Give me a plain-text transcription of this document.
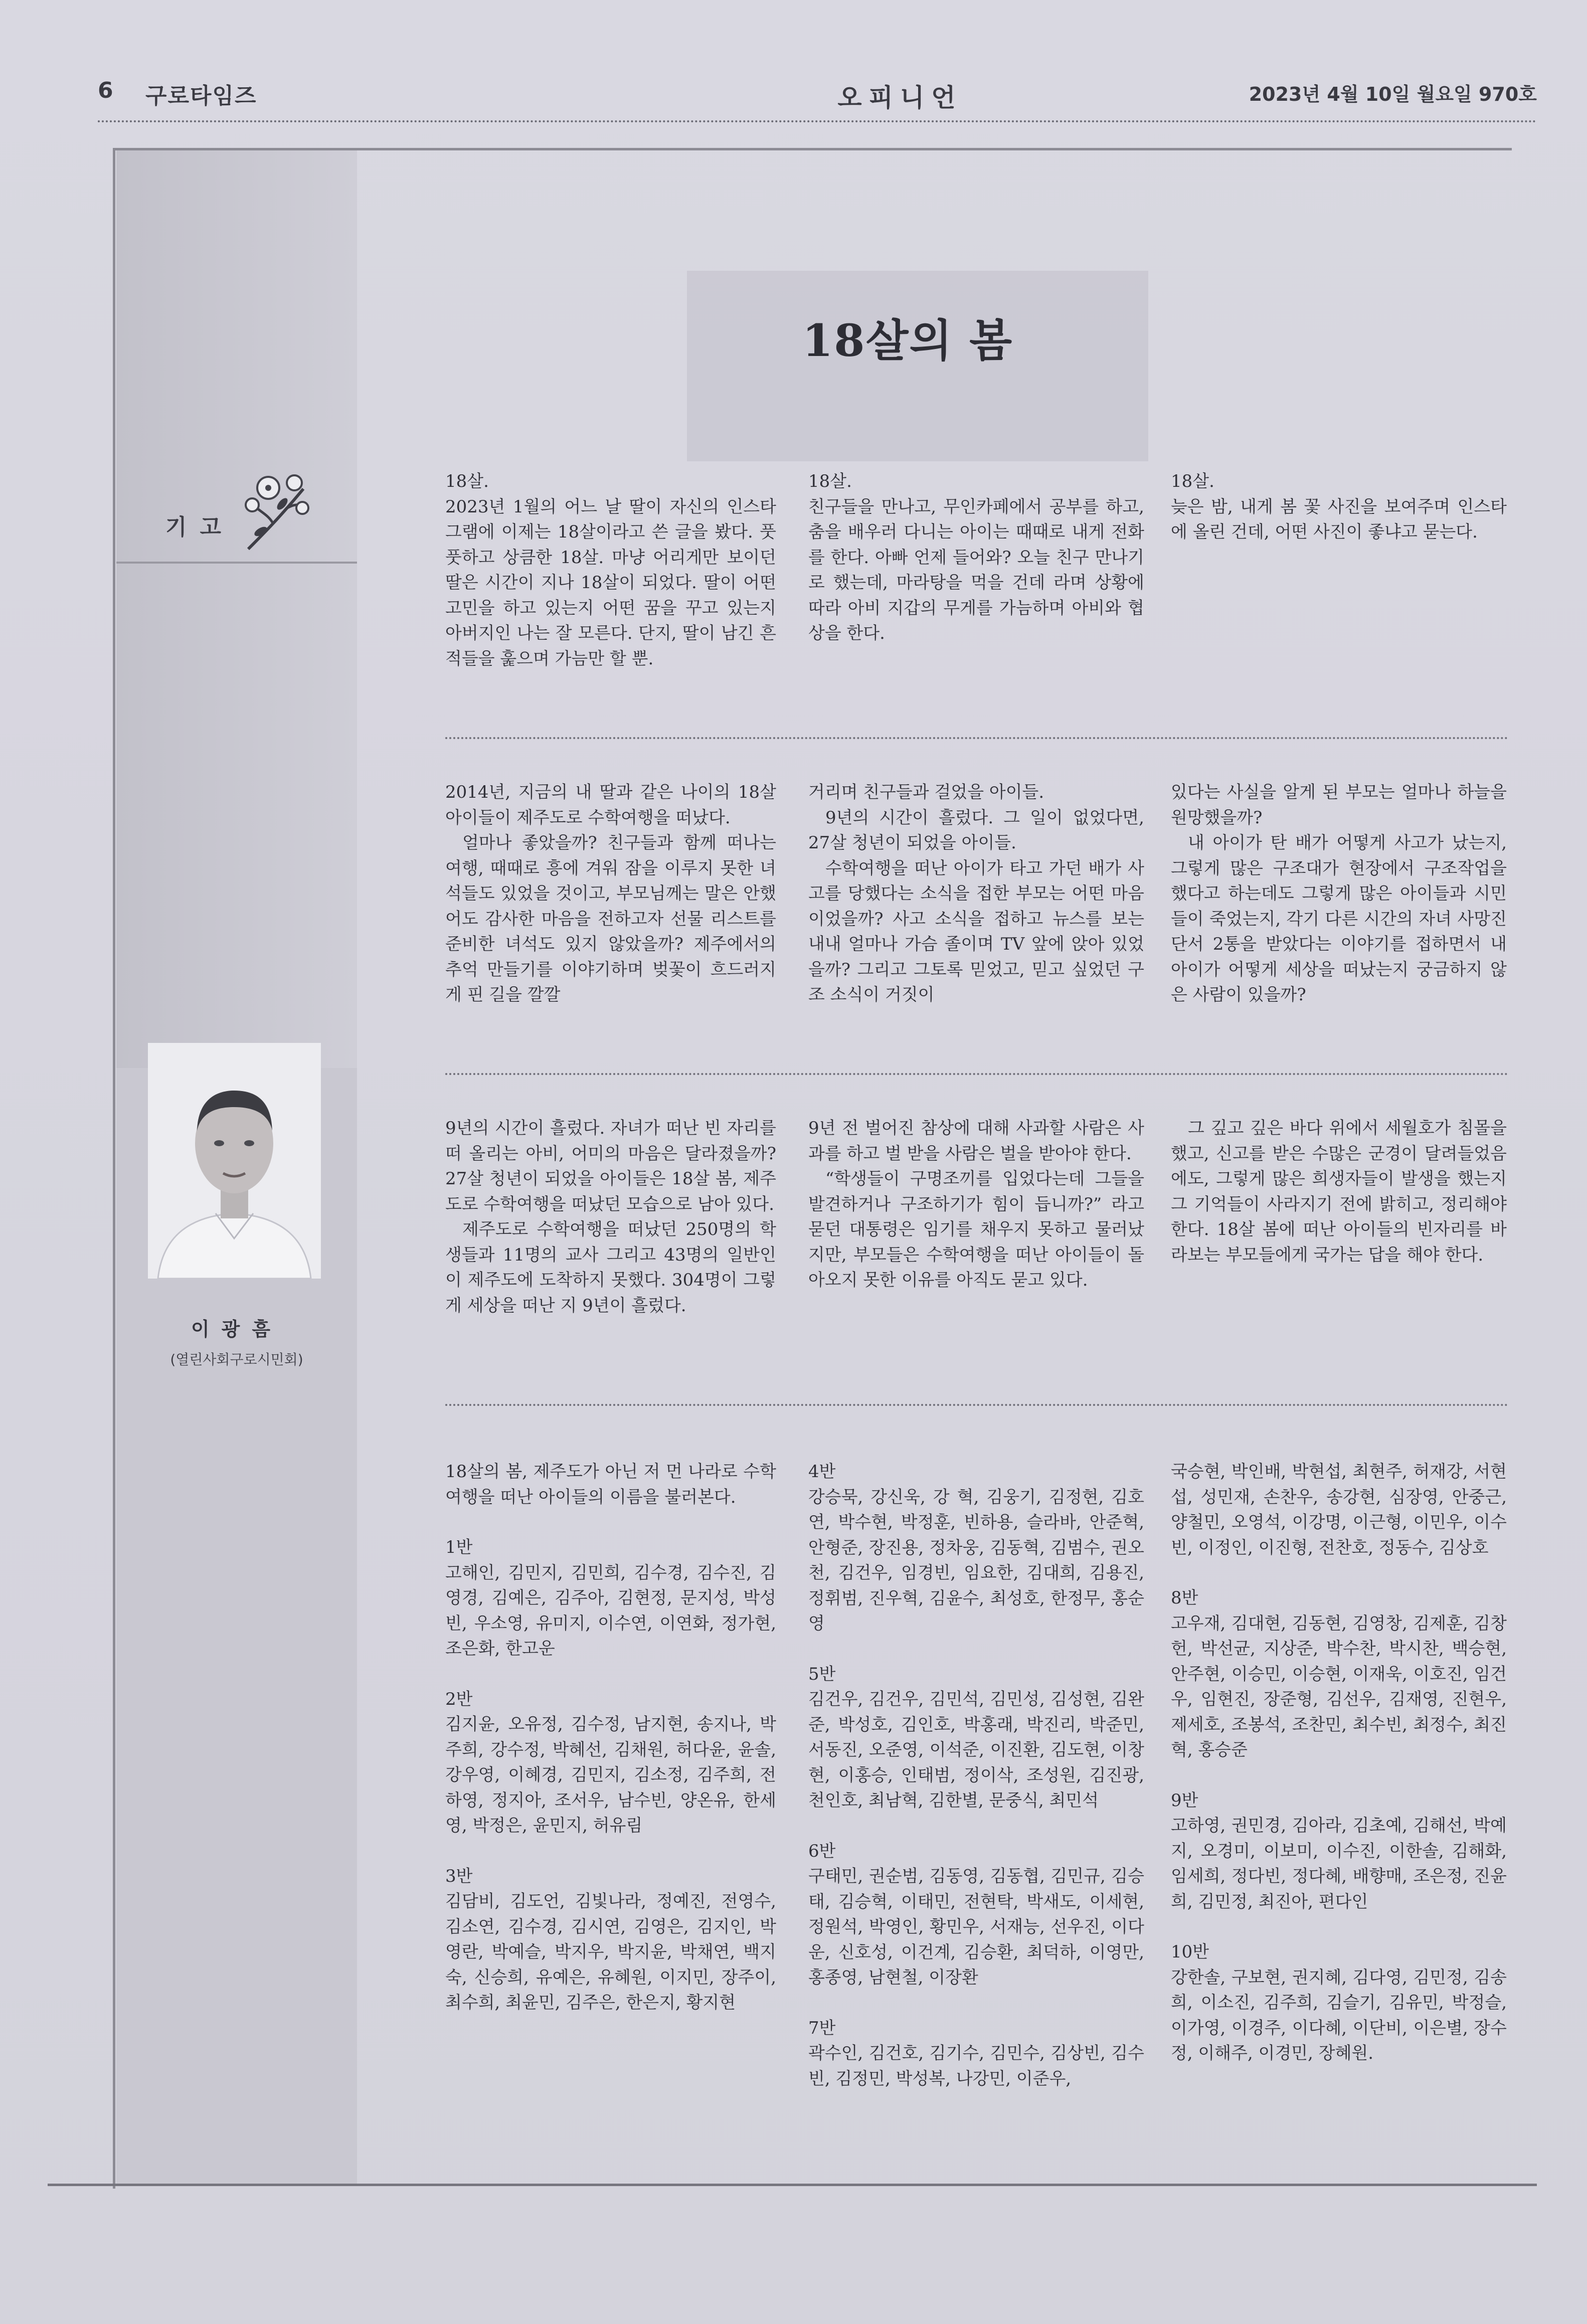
6 구로타임즈	오피니언	2023년 4월 10일 월요일 970호
기고
이광흠
(열린사회구로시민회)
18살의 봄

18살.

2023년 1월의 어느 날 딸이 자신의 인스타그램에 이제는 18살이라고 쓴 글을 봤다. 풋풋하고 상큼한 18살. 마냥 어리게만 보이던 딸은 시간이 지나 18살이 되었다. 딸이 어떤 고민을 하고 있는지 어떤 꿈을 꾸고 있는지 아버지인 나는 잘 모른다. 단지, 딸이 남긴 흔적들을 훑으며 가늠만 할 뿐.

18살.

친구들을 만나고, 무인카페에서 공부를 하고, 춤을 배우러 다니는 아이는 때때로 내게 전화를 한다. 아빠 언제 들어와? 오늘 친구 만나기로 했는데, 마라탕을 먹을 건데 라며 상황에 따라 아비 지갑의 무게를 가늠하며 아비와 협상을 한다.

18살.

늦은 밤, 내게 봄 꽃 사진을 보여주며 인스타에 올린 건데, 어떤 사진이 좋냐고 묻는다.

2014년, 지금의 내 딸과 같은 나이의 18살 아이들이 제주도로 수학여행을 떠났다.

얼마나 좋았을까? 친구들과 함께 떠나는 여행, 때때로 흥에 겨워 잠을 이루지 못한 녀석들도 있었을 것이고, 부모님께는 말은 안했어도 감사한 마음을 전하고자 선물 리스트를 준비한 녀석도 있지 않았을까? 제주에서의 추억 만들기를 이야기하며 벚꽃이 흐드러지게 핀 길을 깔깔

거리며 친구들과 걸었을 아이들.

9년의 시간이 흘렀다. 그 일이 없었다면, 27살 청년이 되었을 아이들.

수학여행을 떠난 아이가 타고 가던 배가 사고를 당했다는 소식을 접한 부모는 어떤 마음이었을까? 사고 소식을 접하고 뉴스를 보는 내내 얼마나 가슴 졸이며 TV 앞에 앉아 있었을까? 그리고 그토록 믿었고, 믿고 싶었던 구조 소식이 거짓이

있다는 사실을 알게 된 부모는 얼마나 하늘을 원망했을까?

내 아이가 탄 배가 어떻게 사고가 났는지, 그렇게 많은 구조대가 현장에서 구조작업을 했다고 하는데도 그렇게 많은 아이들과 시민들이 죽었는지, 각기 다른 시간의 자녀 사망진단서 2통을 받았다는 이야기를 접하면서 내 아이가 어떻게 세상을 떠났는지 궁금하지 않은 사람이 있을까?

9년의 시간이 흘렀다. 자녀가 떠난 빈 자리를 떠 올리는 아비, 어미의 마음은 달라졌을까? 27살 청년이 되었을 아이들은 18살 봄, 제주도로 수학여행을 떠났던 모습으로 남아 있다.

제주도로 수학여행을 떠났던 250명의 학생들과 11명의 교사 그리고 43명의 일반인이 제주도에 도착하지 못했다. 304명이 그렇게 세상을 떠난 지 9년이 흘렀다.

9년 전 벌어진 참상에 대해 사과할 사람은 사과를 하고 벌 받을 사람은 벌을 받아야 한다.

“학생들이 구명조끼를 입었다는데 그들을 발견하거나 구조하기가 힘이 듭니까?” 라고 묻던 대통령은 임기를 채우지 못하고 물러났지만, 부모들은 수학여행을 떠난 아이들이 돌아오지 못한 이유를 아직도 묻고 있다.

그 깊고 깊은 바다 위에서 세월호가 침몰을 했고, 신고를 받은 수많은 군경이 달려들었음에도, 그렇게 많은 희생자들이 발생을 했는지 그 기억들이 사라지기 전에 밝히고, 정리해야 한다. 18살 봄에 떠난 아이들의 빈자리를 바라보는 부모들에게 국가는 답을 해야 한다.

18살의 봄, 제주도가 아닌 저 먼 나라로 수학여행을 떠난 아이들의 이름을 불러본다.

1반

고해인, 김민지, 김민희, 김수경, 김수진, 김영경, 김예은, 김주아, 김현정, 문지성, 박성빈, 우소영, 유미지, 이수연, 이연화, 정가현, 조은화, 한고운

2반

김지윤, 오유정, 김수정, 남지현, 송지나, 박주희, 강수정, 박혜선, 김채원, 허다윤, 윤솔, 강우영, 이혜경, 김민지, 김소정, 김주희, 전하영, 정지아, 조서우, 남수빈, 양온유, 한세영, 박정은, 윤민지, 허유림

3반

김담비, 김도언, 김빛나라, 정예진, 전영수, 김소연, 김수경, 김시연, 김영은, 김지인, 박영란, 박예슬, 박지우, 박지윤, 박채연, 백지숙, 신승희, 유예은, 유혜원, 이지민, 장주이, 최수희, 최윤민, 김주은, 한은지, 황지현

4반

강승묵, 강신욱, 강 혁, 김웅기, 김정현, 김호연, 박수현, 박정훈, 빈하용, 슬라바, 안준혁, 안형준, 장진용, 정차웅, 김동혁, 김범수, 권오천, 김건우, 임경빈, 임요한, 김대희, 김용진, 정휘범, 진우혁, 김윤수, 최성호, 한정무, 홍순영

5반

김건우, 김건우, 김민석, 김민성, 김성현, 김완준, 박성호, 김인호, 박홍래, 박진리, 박준민, 서동진, 오준영, 이석준, 이진환, 김도현, 이창현, 이홍승, 인태범, 정이삭, 조성원, 김진광, 천인호, 최남혁, 김한별, 문중식, 최민석

6반

구태민, 권순범, 김동영, 김동협, 김민규, 김승태, 김승혁, 이태민, 전현탁, 박새도, 이세현, 정원석, 박영인, 황민우, 서재능, 선우진, 이다운, 신호성, 이건계, 김승환, 최덕하, 이영만, 홍종영, 남현철, 이장환

7반

곽수인, 김건호, 김기수, 김민수, 김상빈, 김수빈, 김정민, 박성복, 나강민, 이준우,

국승현, 박인배, 박현섭, 최현주, 허재강, 서현섭, 성민재, 손찬우, 송강현, 심장영, 안중근, 양철민, 오영석, 이강명, 이근형, 이민우, 이수빈, 이정인, 이진형, 전찬호, 정동수, 김상호

8반

고우재, 김대현, 김동현, 김영창, 김제훈, 김창헌, 박선균, 지상준, 박수찬, 박시찬, 백승현, 안주현, 이승민, 이승현, 이재욱, 이호진, 임건우, 임현진, 장준형, 김선우, 김재영, 진현우, 제세호, 조봉석, 조찬민, 최수빈, 최정수, 최진혁, 홍승준

9반

고하영, 권민경, 김아라, 김초예, 김해선, 박예지, 오경미, 이보미, 이수진, 이한솔, 김해화, 임세희, 정다빈, 정다혜, 배향매, 조은정, 진윤희, 김민정, 최진아, 편다인

10반

강한솔, 구보현, 권지혜, 김다영, 김민정, 김송희, 이소진, 김주희, 김슬기, 김유민, 박정슬, 이가영, 이경주, 이다혜, 이단비, 이은별, 장수정, 이해주, 이경민, 장혜원.
